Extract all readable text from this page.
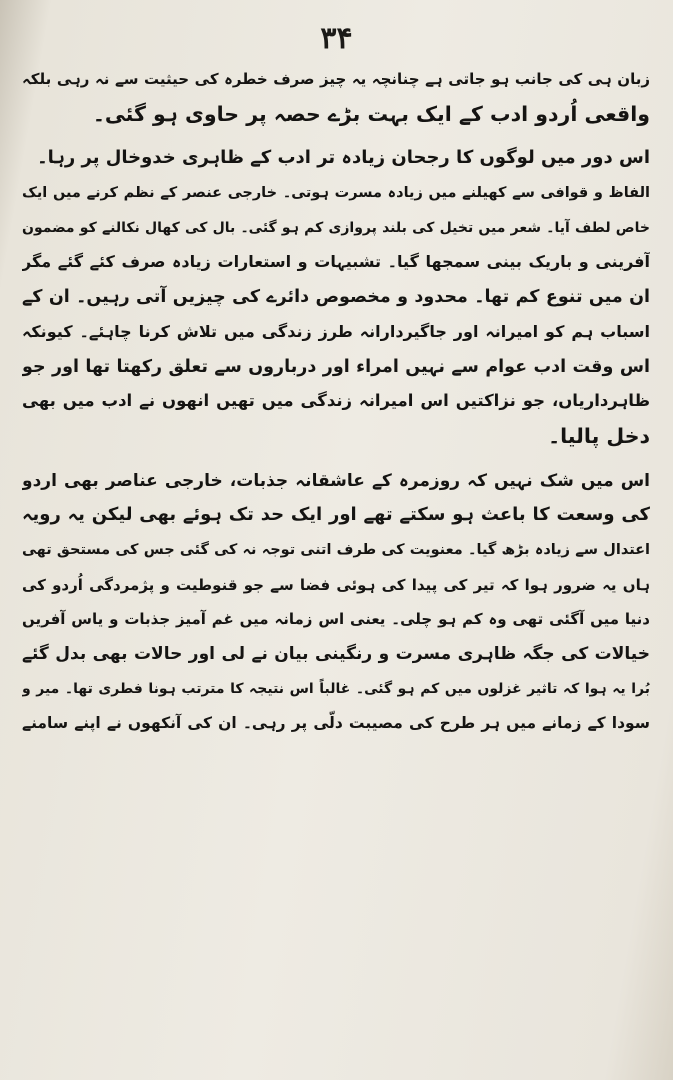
۳۴
زبان ہی کی جانب ہو جاتی ہے چنانچہ یہ چیز صرف خطرہ کی حیثیت سے نہ رہی بلکہ
واقعی اُردو ادب کے ایک بہت بڑے حصہ پر حاوی ہو گئی۔
اس دور میں لوگوں کا رجحان زیادہ تر ادب کے ظاہری خدوخال پر رہا۔
الفاظ و قوافی سے کھیلنے میں زیادہ مسرت ہوتی۔ خارجی عنصر کے نظم کرنے میں ایک
خاص لطف آیا۔ شعر میں تخیل کی بلند پروازی کم ہو گئی۔ بال کی کھال نکالنے کو مضمون
آفرینی و باریک بینی سمجھا گیا۔ تشبیہات و استعارات زیادہ صرف کئے گئے مگر
ان میں تنوع کم تھا۔ محدود و مخصوص دائرے کی چیزیں آتی رہیں۔ ان کے
اسباب ہم کو امیرانہ اور جاگیردارانہ طرز زندگی میں تلاش کرنا چاہئے۔ کیونکہ
اس وقت ادب عوام سے نہیں امراء اور درباروں سے تعلق رکھتا تھا اور جو
ظاہرداریاں، جو نزاکتیں اس امیرانہ زندگی میں تھیں انھوں نے ادب میں بھی
دخل پالیا۔
اس میں شک نہیں کہ روزمرہ کے عاشقانہ جذبات، خارجی عناصر بھی اردو
کی وسعت کا باعث ہو سکتے تھے اور ایک حد تک ہوئے بھی لیکن یہ رویہ
اعتدال سے زیادہ بڑھ گیا۔ معنویت کی طرف اتنی توجہ نہ کی گئی جس کی مستحق تھی
ہاں یہ ضرور ہوا کہ تیر کی پیدا کی ہوئی فضا سے جو قنوطیت و پژمردگی اُردو کی
دنیا میں آگئی تھی وہ کم ہو چلی۔ یعنی اس زمانہ میں غم آمیز جذبات و یاس آفریں
خیالات کی جگہ ظاہری مسرت و رنگینی بیان نے لی اور حالات بھی بدل گئے
بُرا یہ ہوا کہ تاثیر غزلوں میں کم ہو گئی۔ غالباً اس نتیجہ کا مترتب ہونا فطری تھا۔ میر و
سودا کے زمانے میں ہر طرح کی مصیبت دلّی پر رہی۔ ان کی آنکھوں نے اپنے سامنے
